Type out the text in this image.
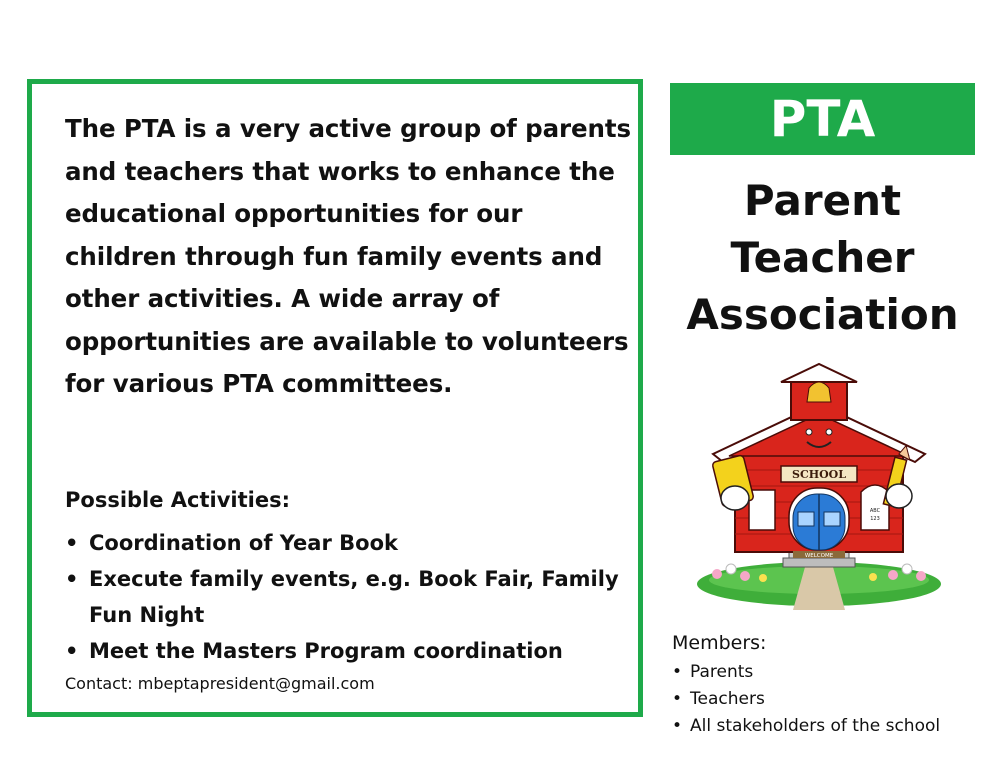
The PTA is a very active group of parents and teachers that works to enhance the educational opportunities for our children through fun family events and other activities. A wide array of opportunities are available to volunteers for various PTA committees.

Possible Activities:

• Coordination of Year Book
• Execute family events, e.g. Book Fair, Family Fun Night
• Meet the Masters Program coordination

Contact: mbeptapresident@gmail.com

PTA
Parent
Teacher
Association
SCHOOL
WELCOME
ABC
123

Members:

• Parents
• Teachers
• All stakeholders of the school
